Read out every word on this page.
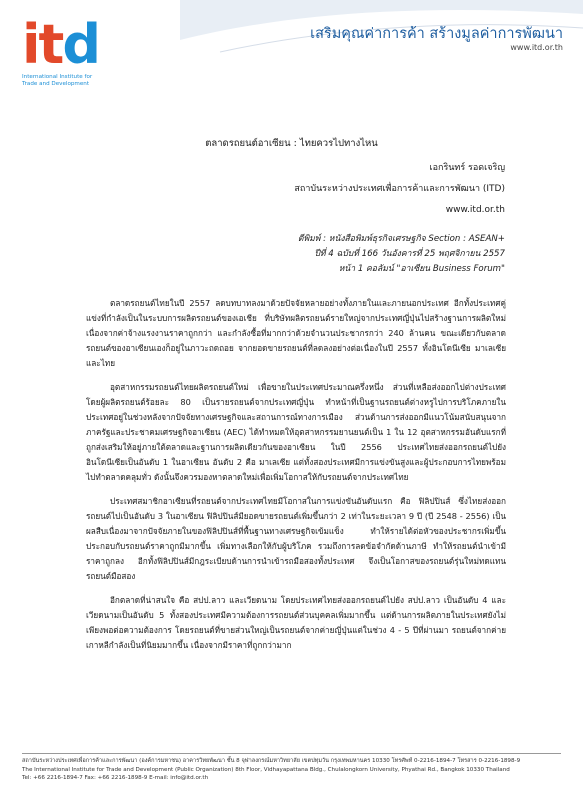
i t d
International Institute for
Trade and Development
เสริมคุณค่าการค้า สร้างมูลค่าการพัฒนา
www.itd.or.th
ตลาดรถยนต์อาเซียน : ไทยควรไปทางไหน
เอกรินทร์ รอดเจริญ
สถาบันระหว่างประเทศเพื่อการค้าและการพัฒนา (ITD)
www.itd.or.th
ตีพิมพ์ : หนังสือพิมพ์ธุรกิจเศรษฐกิจ Section : ASEAN+
ปีที่ 4 ฉบับที่ 166 วันอังคารที่ 25 พฤศจิกายน 2557
หน้า 1 คอลัมน์ "อาเซียน Business Forum"

ตลาดรถยนต์ไทยในปี 2557 ลดบทบาทลงมาด้วยปัจจัยหลายอย่างทั้งภายในและภายนอกประเทศ อีกทั้งประเทศคู่แข่งที่กำลังเป็นในระบบการผลิตรถยนต์ของเอเชีย ที่บริษัทผลิตรถยนต์รายใหญ่จากประเทศญี่ปุ่นไปสร้างฐานการผลิตใหม่ เนื่องจากค่าจ้างแรงงานราคาถูกกว่า และกำลังซื้อที่มากกว่าด้วยจำนวนประชากรกว่า 240 ล้านคน ขณะเดียวกับตลาดรถยนต์ของอาเซียนเองก็อยู่ในภาวะถดถอย จากยอดขายรถยนต์ที่ลดลงอย่างต่อเนื่องในปี 2557 ทั้งอินโดนีเซีย มาเลเซีย และไทย

อุตสาหกรรมรถยนต์ไทยผลิตรถยนต์ใหม่ เพื่อขายในประเทศประมาณครึ่งหนึ่ง ส่วนที่เหลือส่งออกไปต่างประเทศ โดยผู้ผลิตรถยนต์ร้อยละ 80 เป็นรายรถยนต์จากประเทศญี่ปุ่น ทำหน้าที่เป็นฐานรถยนต์ต่างหรูไปการบริโภคภายในประเทศอยู่ในช่วงหลังจากปัจจัยทางเศรษฐกิจและสถานการณ์ทางการเมือง ส่วนด้านการส่งออกมีแนวโน้มสนับสนุนจากภาครัฐและประชาคมเศรษฐกิจอาเซียน (AEC) ได้ทำหมดให้อุตสาหกรรมยานยนต์เป็น 1 ใน 12 อุตสาหกรรมอันดับแรกที่ถูกส่งเสริมให้อยู่ภายใต้ตลาดและฐานการผลิตเดียวกันของอาเซียน ในปี 2556 ประเทศไทยส่งออกรถยนต์ไปยังอินโดนีเซียเป็นอันดับ 1 ในอาเซียน อันดับ 2 คือ มาเลเซีย แต่ทั้งสองประเทศมีการแข่งขันสูงและผู้ประกอบการไทยพร้อมไปทำตลาดคลุมทั่ว ดังนั้นจึงควรมองหาตลาดใหม่เพื่อเพิ่มโอกาสให้กับรถยนต์จากประเทศไทย

ประเทศสมาชิกอาเซียนที่รถยนต์จากประเทศไทยมีโอกาสในการแข่งขันอันดับแรก คือ ฟิลิปปินส์ ซึ่งไทยส่งออกรถยนต์ไปเป็นอันดับ 3 ในอาเซียน ฟิลิปปินส์มียอดขายรถยนต์เพิ่มขึ้นกว่า 2 เท่าในระยะเวลา 9 ปี (ปี 2548 - 2556) เป็นผลสืบเนื่องมาจากปัจจัยภายในของฟิลิปปินส์ที่พื้นฐานทางเศรษฐกิจเข้มแข็ง ทำให้รายได้ต่อหัวของประชากรเพิ่มขึ้น ประกอบกับรถยนต์ราคาถูกมีมากขึ้น เพิ่มทางเลือกให้กับผู้บริโภค รวมถึงการลดข้อจำกัดด้านภาษี ทำให้รถยนต์นำเข้ามีราคาถูกลง อีกทั้งฟิลิปปินส์มีกฎระเบียบด้านการนำเข้ารถมือสองทั้งประเทศ จึงเป็นโอกาสของรถยนต์รุ่นใหม่ทดแทนรถยนต์มือสอง

อีกตลาดที่น่าสนใจ คือ สปป.ลาว และเวียดนาม โดยประเทศไทยส่งออกรถยนต์ไปยัง สปป.ลาว เป็นอันดับ 4 และเวียดนามเป็นอันดับ 5 ทั้งสองประเทศมีความต้องการรถยนต์ส่วนบุคคลเพิ่มมากขึ้น แต่ด้านการผลิตภายในประเทศยังไม่เพียงพอต่อความต้องการ โดยรถยนต์ที่ขายส่วนใหญ่เป็นรถยนต์จากค่ายญี่ปุ่นแต่ในช่วง 4 - 5 ปีที่ผ่านมา รถยนต์จากค่ายเกาหลีกำลังเป็นที่นิยมมากขึ้น เนื่องจากมีราคาที่ถูกกว่ามาก

สถาบันระหว่างประเทศเพื่อการค้าและการพัฒนา (องค์การมหาชน) อาคารวิทยพัฒนา ชั้น 8 จุฬาลงกรณ์มหาวิทยาลัย เขตปทุมวัน กรุงเทพมหานคร 10330 โทรศัพท์ 0-2216-1894-7 โทรสาร 0-2216-1898-9
The International Institute for Trade and Development (Public Organization) 8th Floor, Vidhayapattana Bldg., Chulalongkorn University, Phyathai Rd., Bangkok 10330 Thailand
Tel: +66 2216-1894-7 Fax: +66 2216-1898-9 E-mail: info@itd.or.th
